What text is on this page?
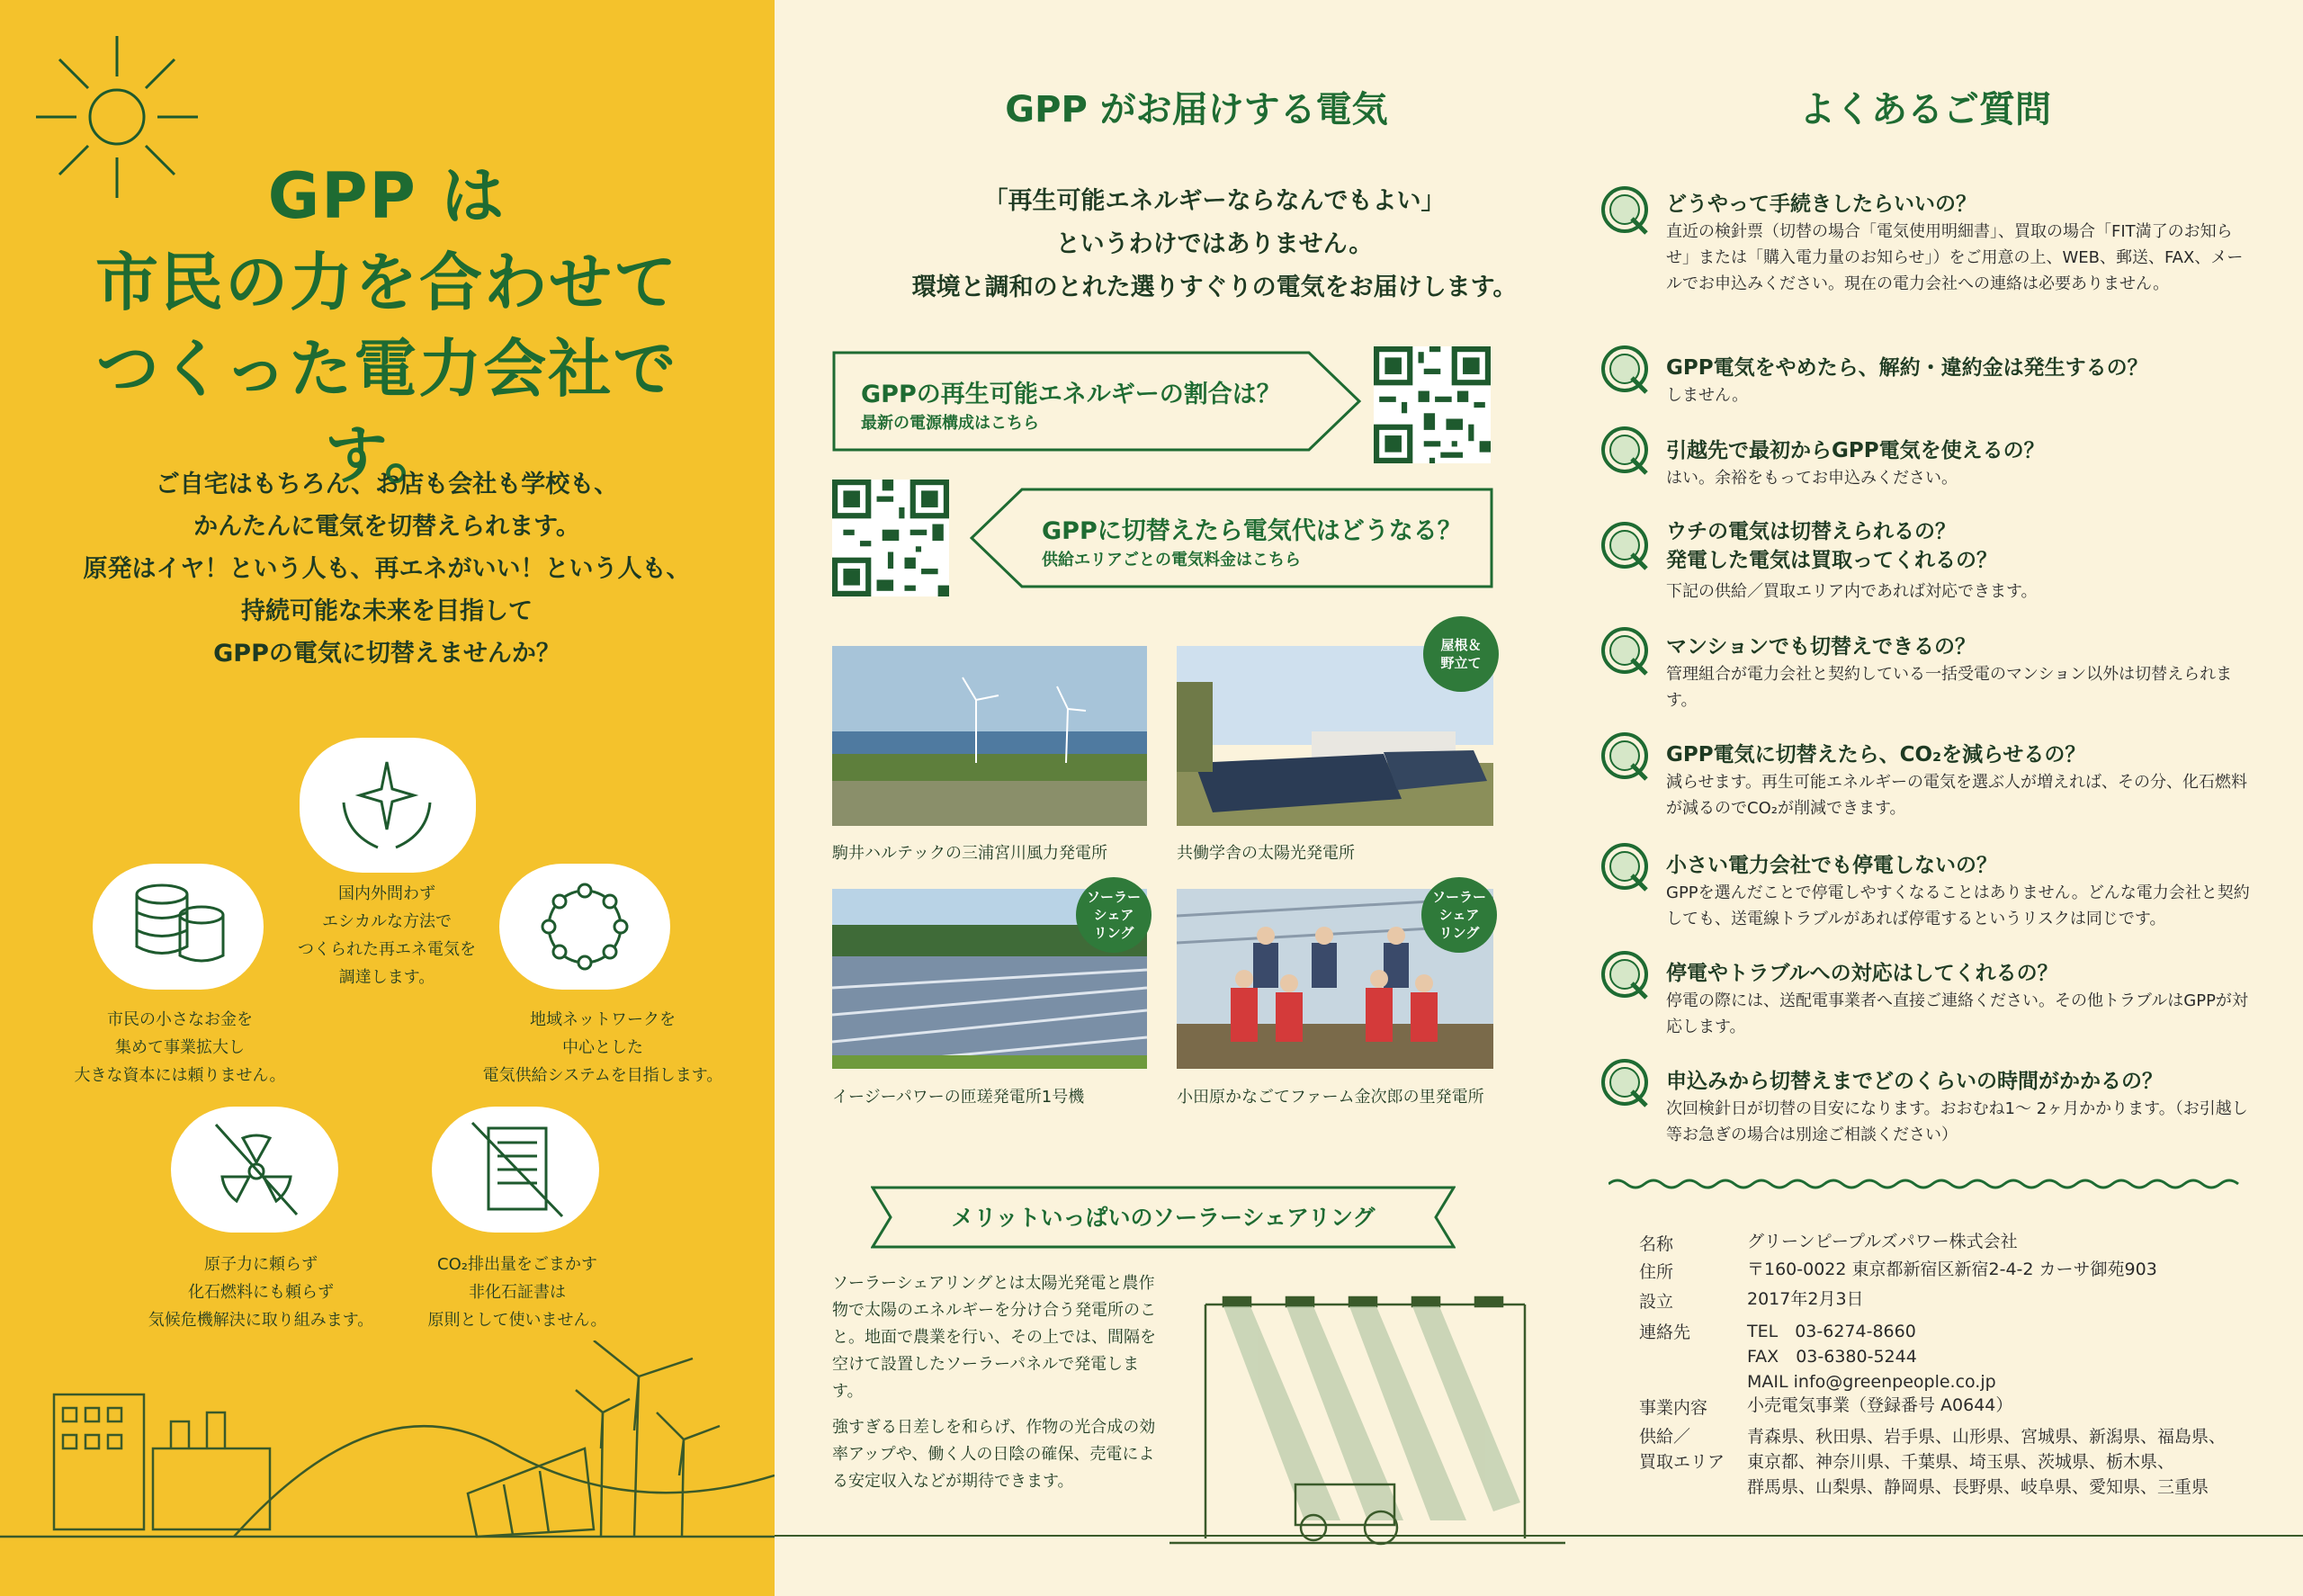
GPP は
市民の力を合わせて
つくった電力会社です。
ご自宅はもちろん、お店も会社も学校も、
かんたんに電気を切替えられます。
原発はイヤ！という人も、再エネがいい！という人も、
持続可能な未来を目指して
GPPの電気に切替えませんか？
国内外問わず
エシカルな方法で
つくられた再エネ電気を
調達します。
市民の小さなお金を
集めて事業拡大し
大きな資本には頼りません。
地域ネットワークを
中心とした
電気供給システムを目指します。
原子力に頼らず
化石燃料にも頼らず
気候危機解決に取り組みます。
CO₂排出量をごまかす
非化石証書は
原則として使いません。
GPP がお届けする電気
「再生可能エネルギーならなんでもよい」
というわけではありません。
環境と調和のとれた選りすぐりの電気をお届けします。
GPPの再生可能エネルギーの割合は？
最新の電源構成はこちら
GPPに切替えたら電気代はどうなる？
供給エリアごとの電気料金はこちら
駒井ハルテックの三浦宮川風力発電所
屋根＆
野立て
共働学舎の太陽光発電所
ソーラー
シェア
リング
イージーパワーの匝瑳発電所1号機
ソーラー
シェア
リング
小田原かなごてファーム金次郎の里発電所
メリットいっぱいのソーラーシェアリング
ソーラーシェアリングとは太陽光発電と農作物で太陽のエネルギーを分け合う発電所のこと。地面で農業を行い、その上では、間隔を空けて設置したソーラーパネルで発電します。
強すぎる日差しを和らげ、作物の光合成の効率アップや、働く人の日陰の確保、売電による安定収入などが期待できます。
よくあるご質問
どうやって手続きしたらいいの？
直近の検針票（切替の場合「電気使用明細書」、買取の場合「FIT満了のお知らせ」または「購入電力量のお知らせ」）をご用意の上、WEB、郵送、FAX、メールでお申込みください。現在の電力会社への連絡は必要ありません。
GPP電気をやめたら、解約・違約金は発生するの？
しません。
引越先で最初からGPP電気を使えるの？
はい。余裕をもってお申込みください。
ウチの電気は切替えられるの？
発電した電気は買取ってくれるの？
下記の供給／買取エリア内であれば対応できます。
マンションでも切替えできるの？
管理組合が電力会社と契約している一括受電のマンション以外は切替えられます。
GPP電気に切替えたら、CO₂を減らせるの？
減らせます。再生可能エネルギーの電気を選ぶ人が増えれば、その分、化石燃料が減るのでCO₂が削減できます。
小さい電力会社でも停電しないの？
GPPを選んだことで停電しやすくなることはありません。どんな電力会社と契約しても、送電線トラブルがあれば停電するというリスクは同じです。
停電やトラブルへの対応はしてくれるの？
停電の際には、送配電事業者へ直接ご連絡ください。その他トラブルはGPPが対応します。
申込みから切替えまでどのくらいの時間がかかるの？
次回検針日が切替の目安になります。おおむね1〜 2ヶ月かかります。（お引越し等お急ぎの場合は別途ご相談ください）
名称	グリーンピープルズパワー株式会社
住所	〒160-0022 東京都新宿区新宿2-4-2 カーサ御苑903
設立	2017年2月3日
連絡先	TEL　03-6274-8660
FAX　03-6380-5244
MAIL info@greenpeople.co.jp
事業内容 小売電気事業（登録番号 A0644）
供給／
買取エリア
青森県、秋田県、岩手県、山形県、宮城県、新潟県、福島県、
東京都、神奈川県、千葉県、埼玉県、茨城県、栃木県、
群馬県、山梨県、静岡県、長野県、岐阜県、愛知県、三重県
